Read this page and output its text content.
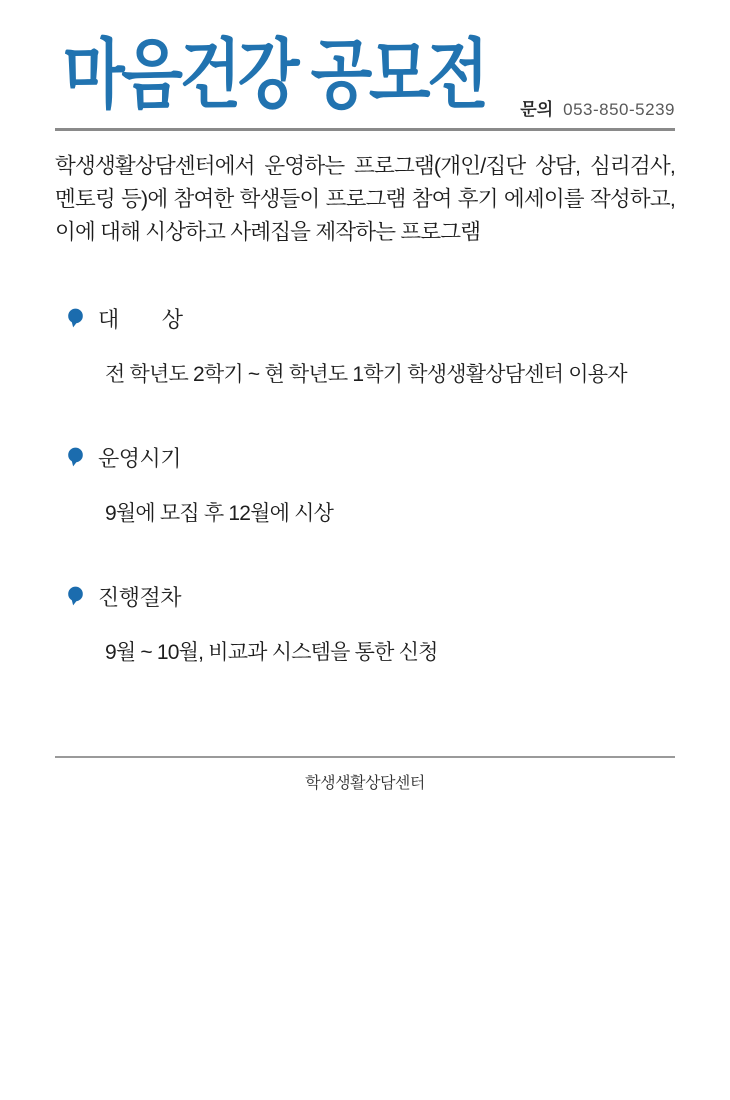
마음건강 공모전 문의 053-850-5239

학생생활상담센터에서 운영하는 프로그램(개인/집단 상담, 심리검사, 멘토링 등)에 참여한 학생들이 프로그램 참여 후기 에세이를 작성하고, 이에 대해 시상하고 사례집을 제작하는 프로그램

대　　상
전 학년도 2학기 ~ 현 학년도 1학기 학생생활상담센터 이용자
운영시기
9월에 모집 후 12월에 시상
진행절차
9월 ~ 10월, 비교과 시스템을 통한 신청
학생생활상담센터
